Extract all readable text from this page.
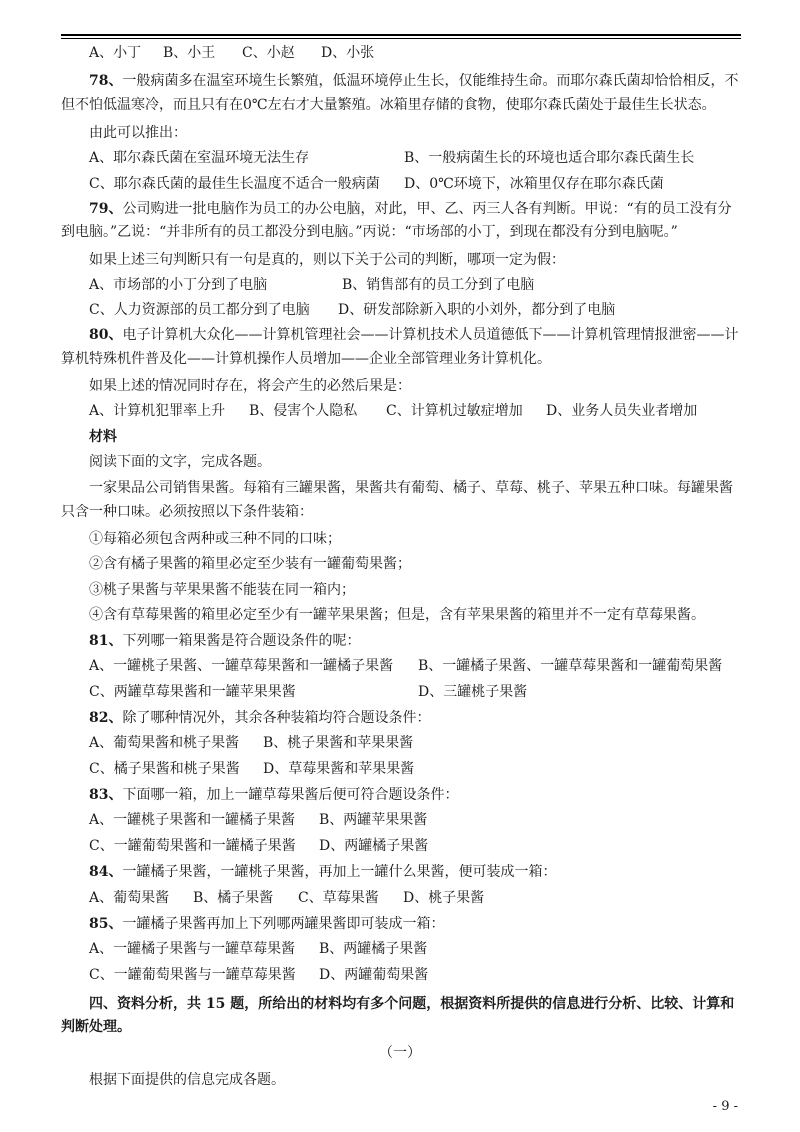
A、小丁 B、小王 C、小赵 D、小张
78、一般病菌多在温室环境生长繁殖，低温环境停止生长，仅能维持生命。而耶尔森氏菌却恰恰相反，不
但不怕低温寒冷，而且只有在0℃左右才大量繁殖。冰箱里存储的食物，使耶尔森氏菌处于最佳生长状态。
由此可以推出：
A、耶尔森氏菌在室温环境无法生存	B、一般病菌生长的环境也适合耶尔森氏菌生长
C、耶尔森氏菌的最佳生长温度不适合一般病菌 D、0℃环境下，冰箱里仅存在耶尔森氏菌
79、公司购进一批电脑作为员工的办公电脑，对此，甲、乙、丙三人各有判断。甲说：“有的员工没有分
到电脑。”乙说：“并非所有的员工都没分到电脑。”丙说：“市场部的小丁，到现在都没有分到电脑呢。”
如果上述三句判断只有一句是真的，则以下关于公司的判断，哪项一定为假：
A、市场部的小丁分到了电脑	B、销售部有的员工分到了电脑
C、人力资源部的员工都分到了电脑 D、研发部除新入职的小刘外，都分到了电脑
80、电子计算机大众化——计算机管理社会——计算机技术人员道德低下——计算机管理情报泄密——计
算机特殊机件普及化——计算机操作人员增加——企业全部管理业务计算机化。
如果上述的情况同时存在，将会产生的必然后果是：
A、计算机犯罪率上升 B、侵害个人隐私 C、计算机过敏症增加 D、业务人员失业者增加
材料
阅读下面的文字，完成各题。
一家果品公司销售果酱。每箱有三罐果酱，果酱共有葡萄、橘子、草莓、桃子、苹果五种口味。每罐果酱
只含一种口味。必须按照以下条件装箱：
①每箱必须包含两种或三种不同的口味；
②含有橘子果酱的箱里必定至少装有一罐葡萄果酱；
③桃子果酱与苹果果酱不能装在同一箱内；
④含有草莓果酱的箱里必定至少有一罐苹果果酱；但是，含有苹果果酱的箱里并不一定有草莓果酱。
81、下列哪一箱果酱是符合题设条件的呢：
A、一罐桃子果酱、一罐草莓果酱和一罐橘子果酱 B、一罐橘子果酱、一罐草莓果酱和一罐葡萄果酱
C、两罐草莓果酱和一罐苹果果酱	D、三罐桃子果酱
82、除了哪种情况外，其余各种装箱均符合题设条件：
A、葡萄果酱和桃子果酱 B、桃子果酱和苹果果酱
C、橘子果酱和桃子果酱 D、草莓果酱和苹果果酱
83、下面哪一箱，加上一罐草莓果酱后便可符合题设条件：
A、一罐桃子果酱和一罐橘子果酱 B、两罐苹果果酱
C、一罐葡萄果酱和一罐橘子果酱 D、两罐橘子果酱
84、一罐橘子果酱，一罐桃子果酱，再加上一罐什么果酱，便可装成一箱：
A、葡萄果酱 B、橘子果酱 C、草莓果酱 D、桃子果酱
85、一罐橘子果酱再加上下列哪两罐果酱即可装成一箱：
A、一罐橘子果酱与一罐草莓果酱 B、两罐橘子果酱
C、一罐葡萄果酱与一罐草莓果酱 D、两罐葡萄果酱
四、资料分析，共 15 题，所给出的材料均有多个问题，根据资料所提供的信息进行分析、比较、计算和
判断处理。
（一）
根据下面提供的信息完成各题。
- 9 -
